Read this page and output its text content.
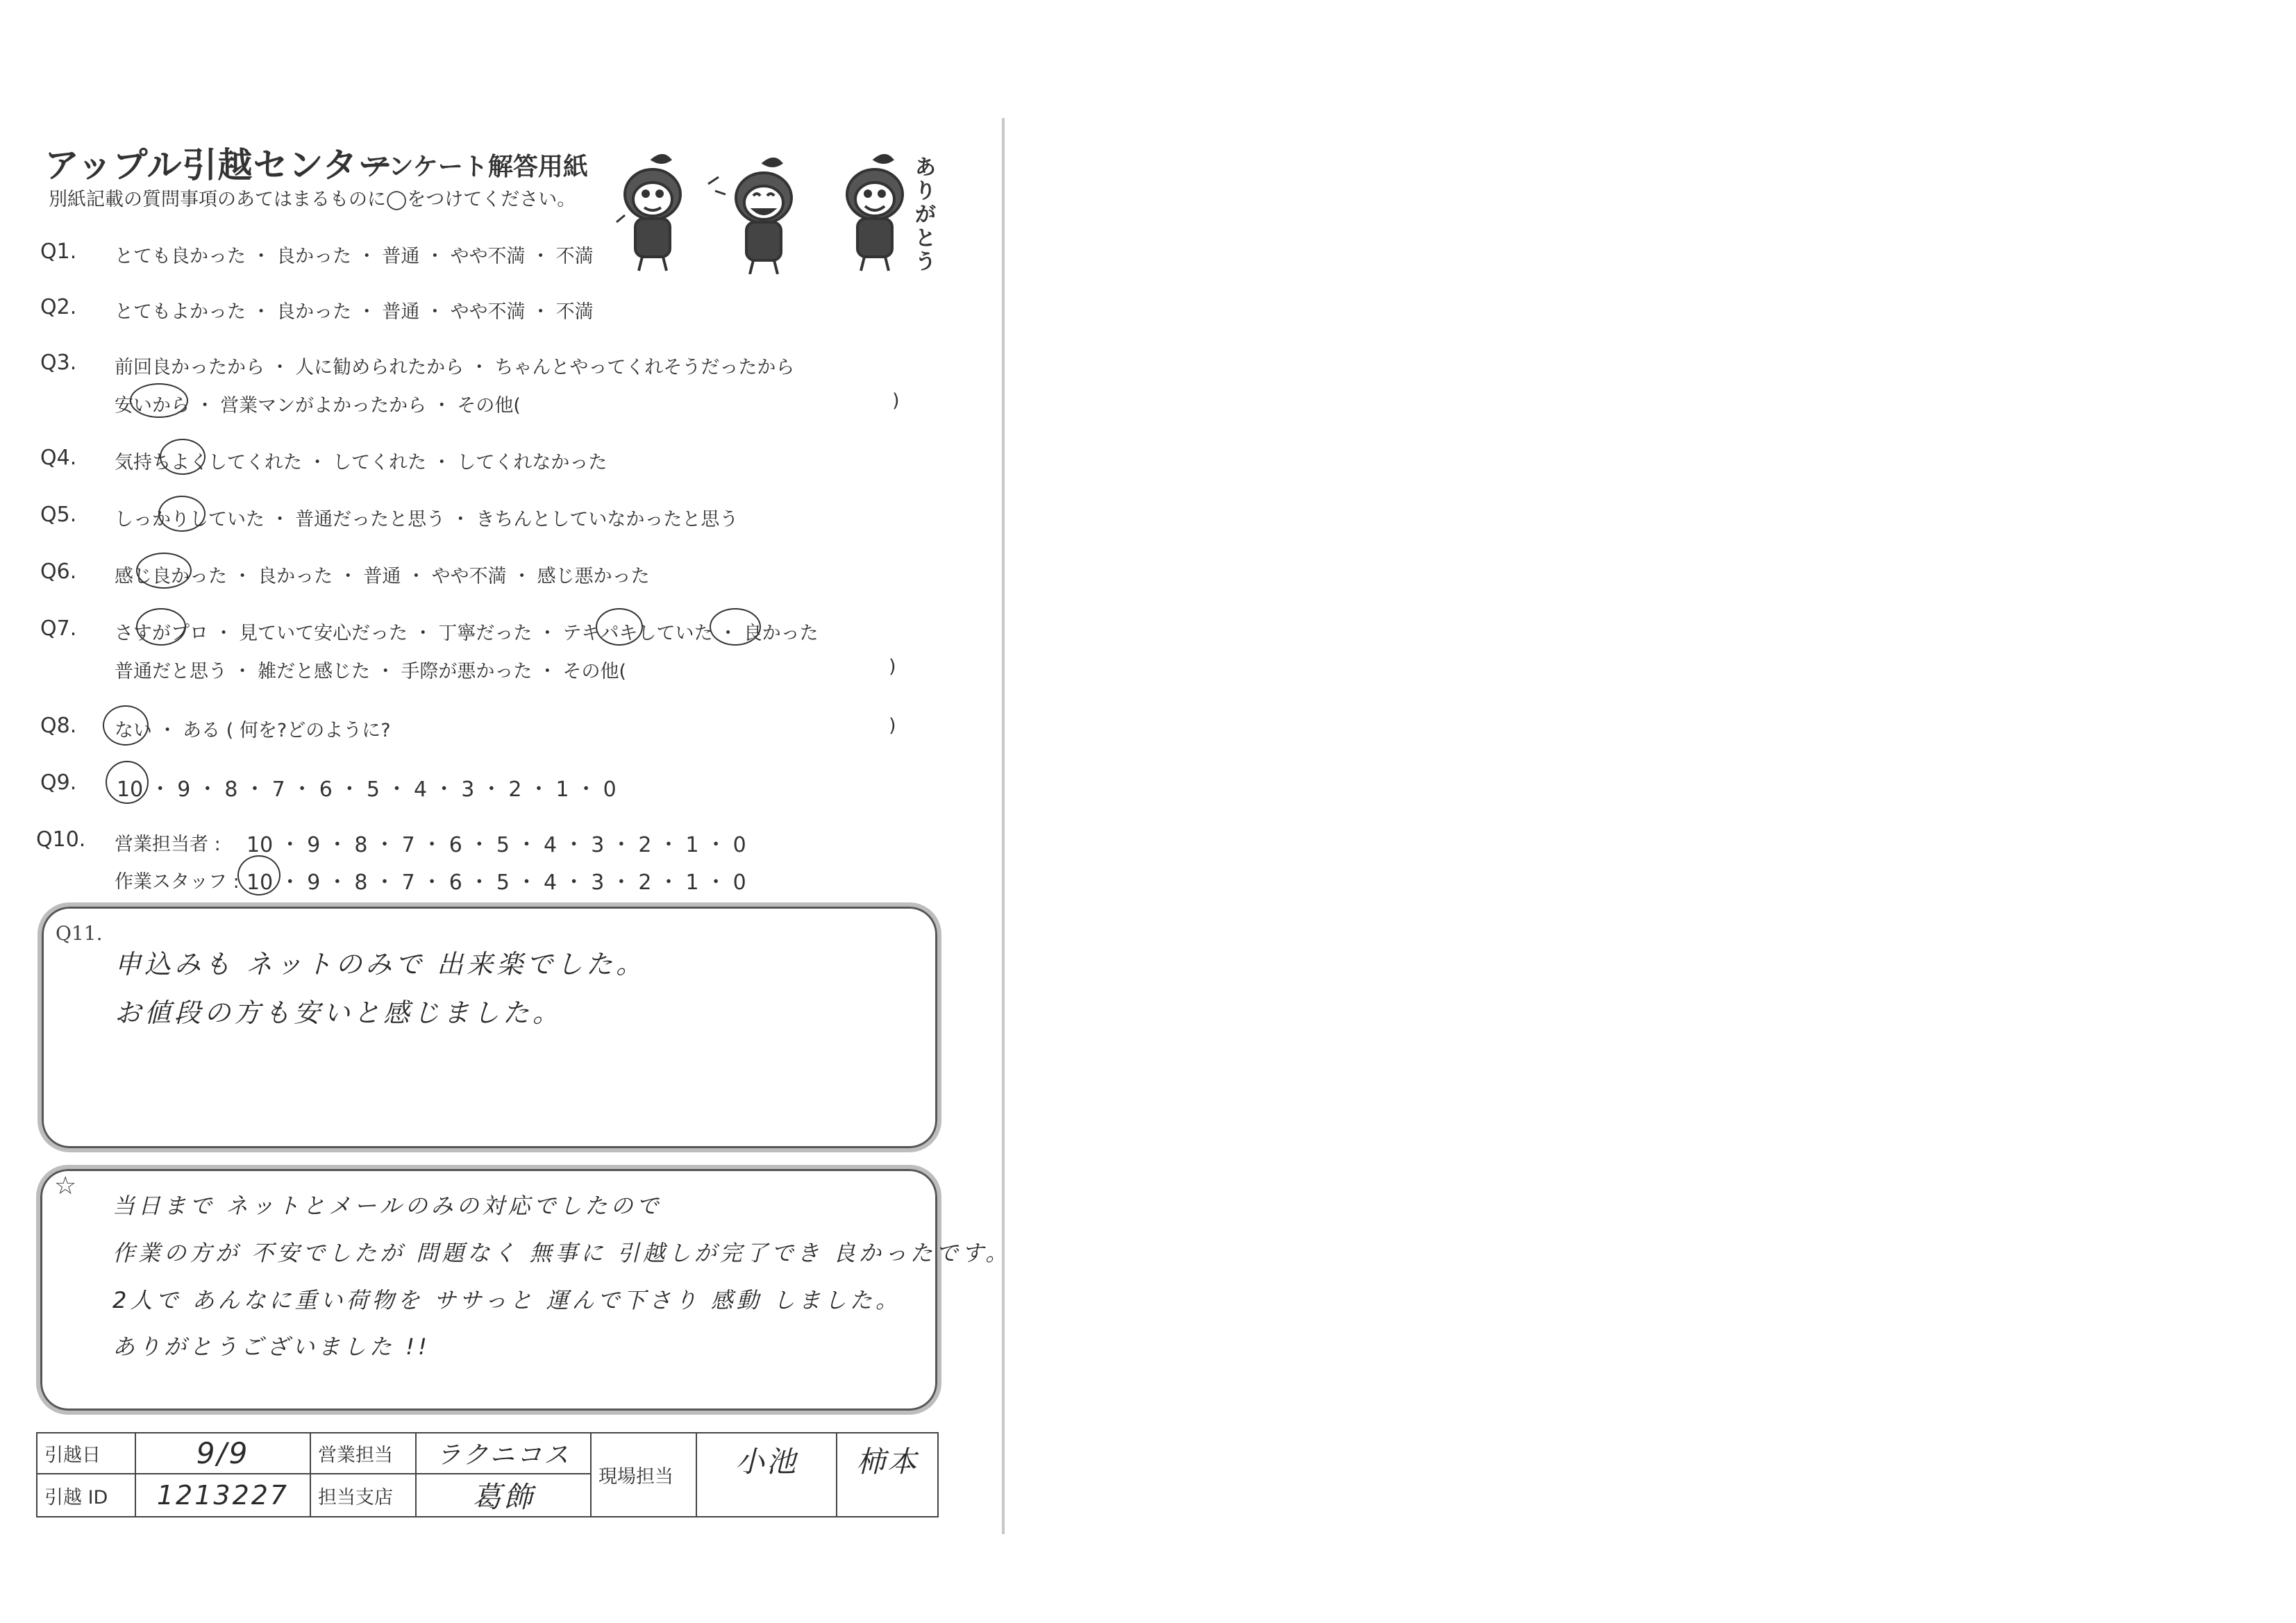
アップル引越センター
アンケート解答用紙
別紙記載の質問事項のあてはまるものに◯をつけてください。
ありがとう
Q1. とても良かった ・ 良かった ・ 普通 ・ やや不満 ・ 不満
Q2. とてもよかった ・ 良かった ・ 普通 ・ やや不満 ・ 不満
Q3. 前回良かったから ・ 人に勧められたから ・ ちゃんとやってくれそうだったから
安いから ・ 営業マンがよかったから ・ その他(	)
Q4. 気持ちよくしてくれた ・ してくれた ・ してくれなかった
Q5. しっかりしていた ・ 普通だったと思う ・ きちんとしていなかったと思う
Q6. 感じ良かった ・ 良かった ・ 普通 ・ やや不満 ・ 感じ悪かった
Q7. さすがプロ ・ 見ていて安心だった ・ 丁寧だった ・ テキパキしていた ・ 良かった
普通だと思う ・ 雑だと感じた ・ 手際が悪かった ・ その他(	)
Q8. ない ・ ある ( 何を?どのように?	)
Q9. 10 ・ 9 ・ 8 ・ 7 ・ 6 ・ 5 ・ 4 ・ 3 ・ 2 ・ 1 ・ 0
Q10. 営業担当者 : 10 ・ 9 ・ 8 ・ 7 ・ 6 ・ 5 ・ 4 ・ 3 ・ 2 ・ 1 ・ 0
作業スタッフ : 10 ・ 9 ・ 8 ・ 7 ・ 6 ・ 5 ・ 4 ・ 3 ・ 2 ・ 1 ・ 0
Q11.
申込みも ネットのみで 出来楽でした。
お値段の方も安いと感じました。
☆
当日まで ネットとメールのみの対応でしたので
作業の方が 不安でしたが 問題なく 無事に 引越しが完了でき 良かったです。
2人で あんなに重い荷物を ササっと 運んで下さり 感動 しました。
ありがとうございました !!
引越日	9/9	営業担当	ラクニコス	現場担当	小池	柿本
引越 ID	1213227	担当支店	葛飾			
